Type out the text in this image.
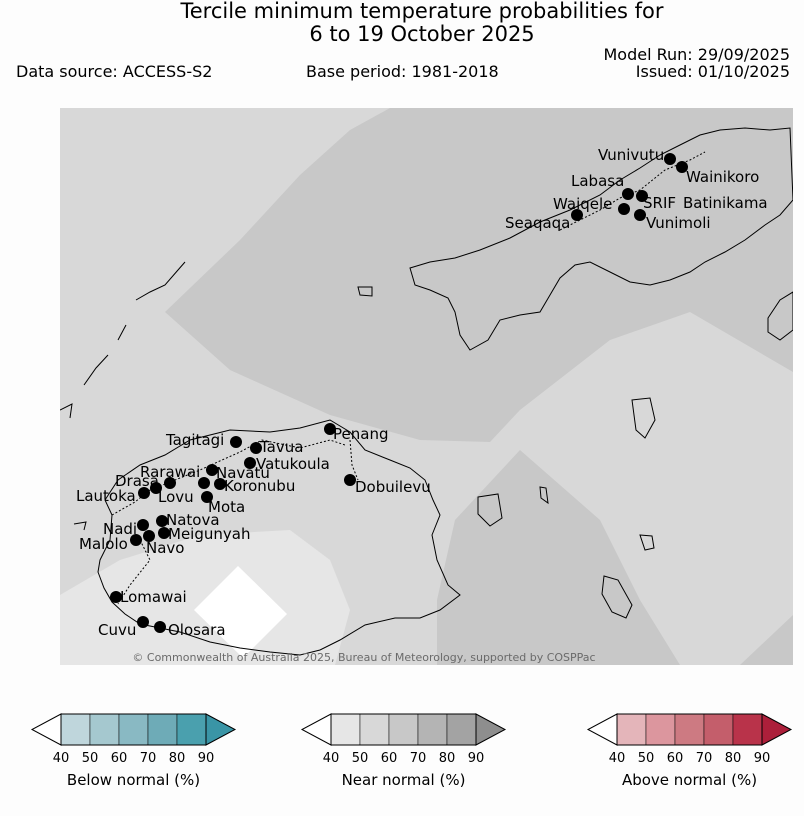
Tercile minimum temperature probabilities for
6 to 19 October 2025
Data source: ACCESS-S2	Base period: 1981-2018
Model Run: 29/09/2025
Issued: 01/10/2025
Vunivutu
Wainikoro
Labasa
Waiqele SRIF Batinikama
Seaqaqa	Vunimoli
Penang
Tagitagi Tavua
Vatukoula
Rarawai Navatu
Koronubu
Drasa
Lautoka Lovu
Mota
Dobuilevu
Nadi Natova
Meigunyah
Malolo Navo
Lomawai
Cuvu Olosara
© Commonwealth of Australia 2025, Bureau of Meteorology, supported by COSPPac
40 50 60 70 80 90
Below normal (%)
40 50 60 70 80 90
Near normal (%)
40 50 60 70 80 90
Above normal (%)
